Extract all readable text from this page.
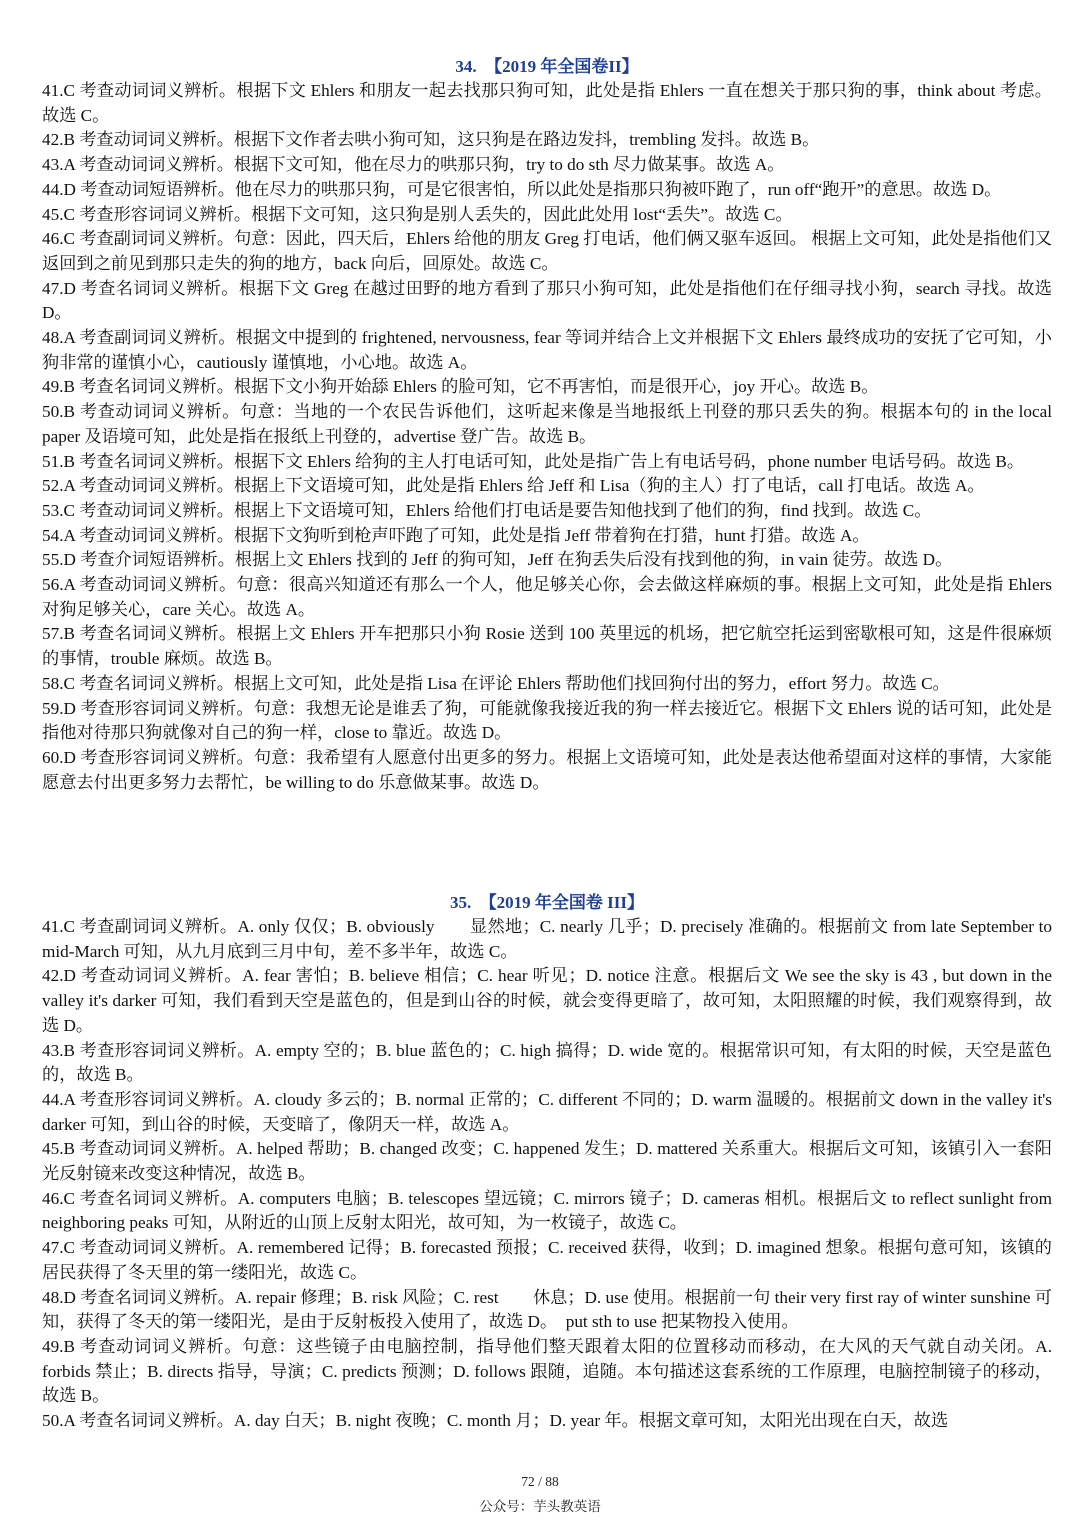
34.　【2019 年全国卷II】

41.C 考查动词词义辨析。根据下文 Ehlers 和朋友一起去找那只狗可知，此处是指 Ehlers 一直在想关于那只狗的事，think about 考虑。故选 C。

42.B 考查动词词义辨析。根据下文作者去哄小狗可知，这只狗是在路边发抖，trembling 发抖。故选 B。

43.A 考查动词词义辨析。根据下文可知，他在尽力的哄那只狗，try to do sth 尽力做某事。故选 A。

44.D 考查动词短语辨析。他在尽力的哄那只狗，可是它很害怕，所以此处是指那只狗被吓跑了，run off“跑开”的意思。故选 D。

45.C 考查形容词词义辨析。根据下文可知，这只狗是别人丢失的，因此此处用 lost“丢失”。故选 C。

46.C 考查副词词义辨析。句意：因此，四天后，Ehlers 给他的朋友 Greg 打电话，他们俩又驱车返回。 根据上文可知，此处是指他们又返回到之前见到那只走失的狗的地方，back 向后，回原处。故选 C。

47.D 考查名词词义辨析。根据下文 Greg 在越过田野的地方看到了那只小狗可知，此处是指他们在仔细寻找小狗，search 寻找。故选 D。

48.A 考查副词词义辨析。根据文中提到的 frightened, nervousness, fear 等词并结合上文并根据下文 Ehlers 最终成功的安抚了它可知，小狗非常的谨慎小心，cautiously 谨慎地，小心地。故选 A。

49.B 考查名词词义辨析。根据下文小狗开始舔 Ehlers 的脸可知，它不再害怕，而是很开心，joy 开心。故选 B。

50.B 考查动词词义辨析。句意：当地的一个农民告诉他们，这听起来像是当地报纸上刊登的那只丢失的狗。根据本句的 in the local paper 及语境可知，此处是指在报纸上刊登的，advertise 登广告。故选 B。

51.B 考查名词词义辨析。根据下文 Ehlers 给狗的主人打电话可知，此处是指广告上有电话号码，phone number 电话号码。故选 B。

52.A 考查动词词义辨析。根据上下文语境可知，此处是指 Ehlers 给 Jeff 和 Lisa（狗的主人）打了电话，call 打电话。故选 A。

53.C 考查动词词义辨析。根据上下文语境可知，Ehlers 给他们打电话是要告知他找到了他们的狗，find 找到。故选 C。

54.A 考查动词词义辨析。根据下文狗听到枪声吓跑了可知，此处是指 Jeff 带着狗在打猎，hunt 打猎。故选 A。

55.D 考查介词短语辨析。根据上文 Ehlers 找到的 Jeff 的狗可知，Jeff 在狗丢失后没有找到他的狗，in vain 徒劳。故选 D。

56.A 考查动词词义辨析。句意：很高兴知道还有那么一个人，他足够关心你，会去做这样麻烦的事。根据上文可知，此处是指 Ehlers 对狗足够关心，care 关心。故选 A。

57.B 考查名词词义辨析。根据上文 Ehlers 开车把那只小狗 Rosie 送到 100 英里远的机场，把它航空托运到密歇根可知，这是件很麻烦的事情，trouble 麻烦。故选 B。

58.C 考查名词词义辨析。根据上文可知，此处是指 Lisa 在评论 Ehlers 帮助他们找回狗付出的努力，effort 努力。故选 C。

59.D 考查形容词词义辨析。句意：我想无论是谁丢了狗，可能就像我接近我的狗一样去接近它。根据下文 Ehlers 说的话可知，此处是指他对待那只狗就像对自己的狗一样，close to 靠近。故选 D。

60.D 考查形容词词义辨析。句意：我希望有人愿意付出更多的努力。根据上文语境可知，此处是表达他希望面对这样的事情，大家能愿意去付出更多努力去帮忙，be willing to do 乐意做某事。故选 D。

35.　【2019 年全国卷 III】

41.C 考查副词词义辨析。A. only 仅仅；B. obviously　　显然地；C. nearly 几乎；D. precisely 准确的。根据前文 from late September to mid-March 可知，从九月底到三月中旬，差不多半年，故选 C。

42.D 考查动词词义辨析。A. fear 害怕；B. believe 相信；C. hear 听见；D. notice 注意。根据后文 We see the sky is 43 , but down in the valley it's darker 可知，我们看到天空是蓝色的，但是到山谷的时候，就会变得更暗了，故可知，太阳照耀的时候，我们观察得到，故选 D。

43.B 考查形容词词义辨析。A. empty 空的；B. blue 蓝色的；C. high 搞得；D. wide 宽的。根据常识可知，有太阳的时候，天空是蓝色的，故选 B。

44.A 考查形容词词义辨析。A. cloudy 多云的；B. normal 正常的；C. different 不同的；D. warm 温暖的。根据前文 down in the valley it's darker 可知，到山谷的时候，天变暗了，像阴天一样，故选 A。

45.B 考查动词词义辨析。A. helped 帮助；B. changed 改变；C. happened 发生；D. mattered 关系重大。根据后文可知，该镇引入一套阳光反射镜来改变这种情况，故选 B。

46.C 考查名词词义辨析。A. computers 电脑；B. telescopes 望远镜；C. mirrors 镜子；D. cameras 相机。根据后文 to reflect sunlight from neighboring peaks 可知，从附近的山顶上反射太阳光，故可知，为一枚镜子，故选 C。

47.C 考查动词词义辨析。A. remembered 记得；B. forecasted 预报；C. received 获得，收到；D. imagined 想象。根据句意可知，该镇的居民获得了冬天里的第一缕阳光，故选 C。

48.D 考查名词词义辨析。A. repair 修理；B. risk 风险；C. rest　　休息；D. use 使用。根据前一句 their very first ray of winter sunshine 可知，获得了冬天的第一缕阳光，是由于反射板投入使用了，故选 D。　put sth to use 把某物投入使用。

49.B 考查动词词义辨析。句意：这些镜子由电脑控制，指导他们整天跟着太阳的位置移动而移动，在大风的天气就自动关闭。A. forbids 禁止；B. directs 指导，导演；C. predicts 预测；D. follows 跟随，追随。本句描述这套系统的工作原理，电脑控制镜子的移动，故选 B。

50.A 考查名词词义辨析。A. day 白天；B. night 夜晚；C. month 月；D. year 年。根据文章可知，太阳光出现在白天，故选

72 / 88
公众号：芋头教英语
